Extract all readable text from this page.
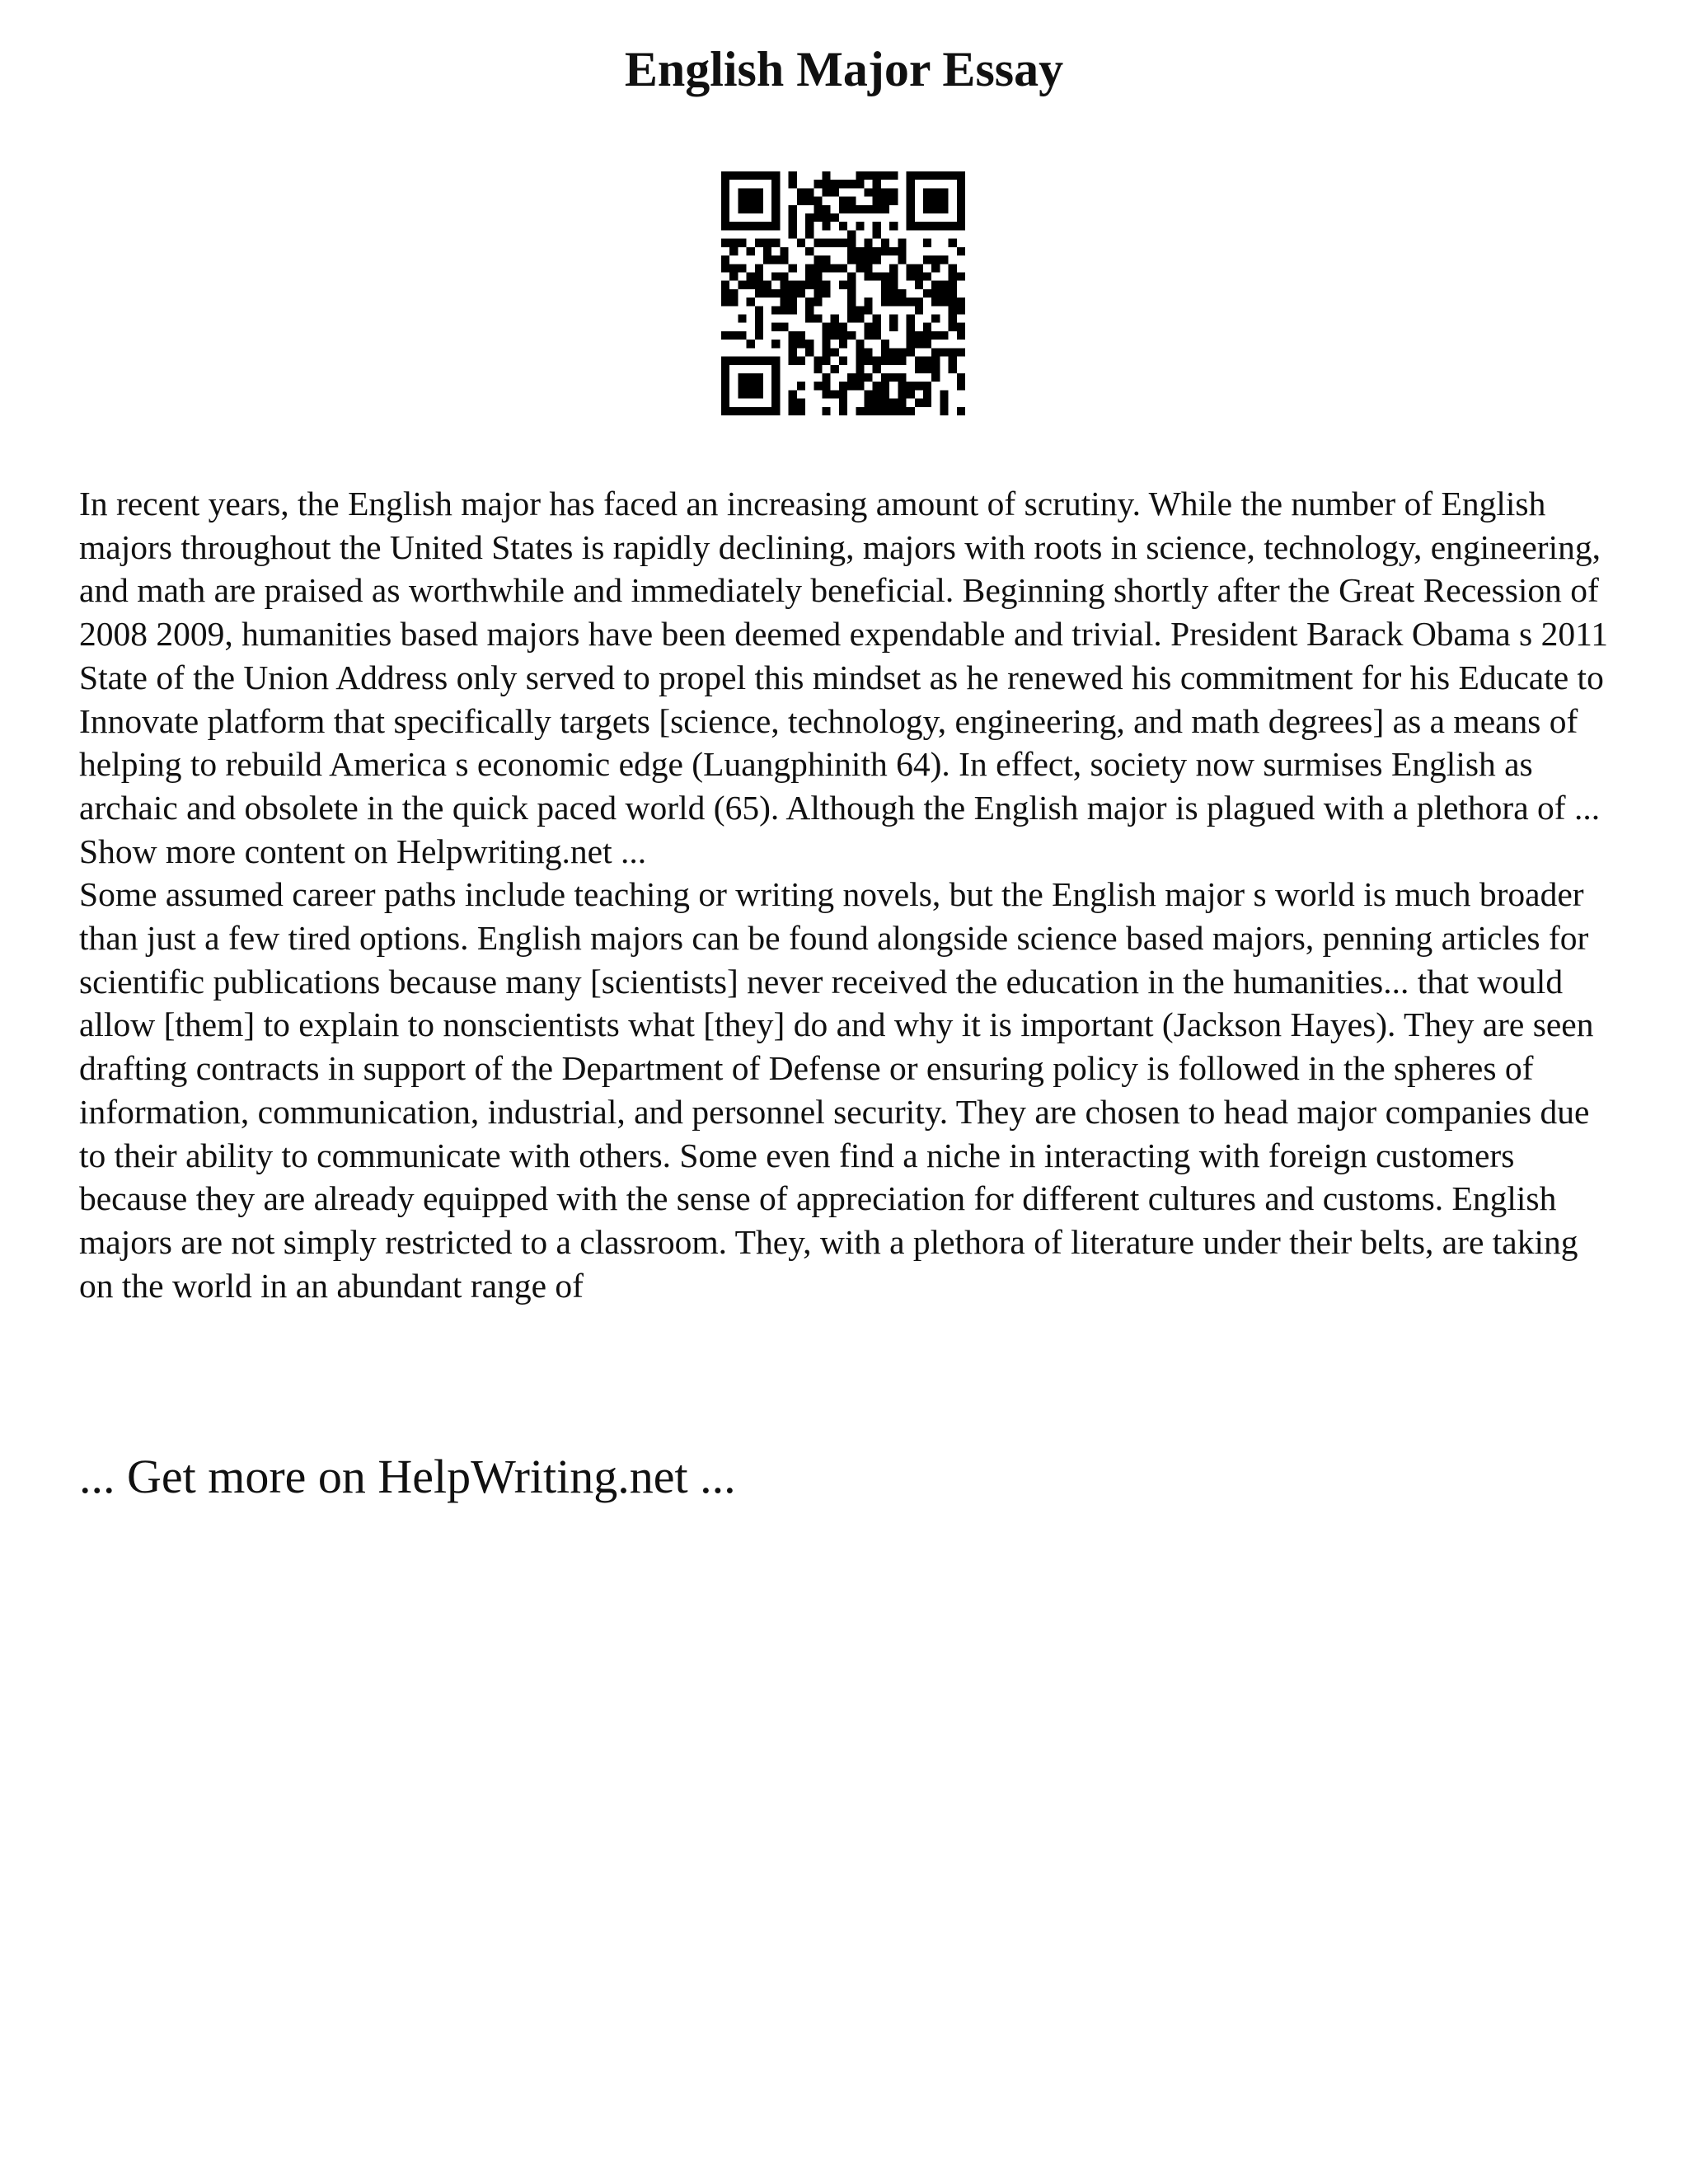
English Major Essay

In recent years, the English major has faced an increasing amount of scrutiny. While the number of English majors throughout the United States is rapidly declining, majors with roots in science, technology, engineering, and math are praised as worthwhile and immediately beneficial. Beginning shortly after the Great Recession of 2008 2009, humanities based majors have been deemed expendable and trivial. President Barack Obama s 2011 State of the Union Address only served to propel this mindset as he renewed his commitment for his Educate to Innovate platform that specifically targets [science, technology, engineering, and math degrees] as a means of helping to rebuild America s economic edge (Luangphinith 64). In effect, society now surmises English as archaic and obsolete in the quick paced world (65). Although the English major is plagued with a plethora of ... Show more content on Helpwriting.net ...

Some assumed career paths include teaching or writing novels, but the English major s world is much broader than just a few tired options. English majors can be found alongside science based majors, penning articles for scientific publications because many [scientists] never received the education in the humanities... that would allow [them] to explain to nonscientists what [they] do and why it is important (Jackson Hayes). They are seen drafting contracts in support of the Department of Defense or ensuring policy is followed in the spheres of information, communication, industrial, and personnel security. They are chosen to head major companies due to their ability to communicate with others. Some even find a niche in interacting with foreign customers because they are already equipped with the sense of appreciation for different cultures and customs. English majors are not simply restricted to a classroom. They, with a plethora of literature under their belts, are taking on the world in an abundant range of

... Get more on HelpWriting.net ...
